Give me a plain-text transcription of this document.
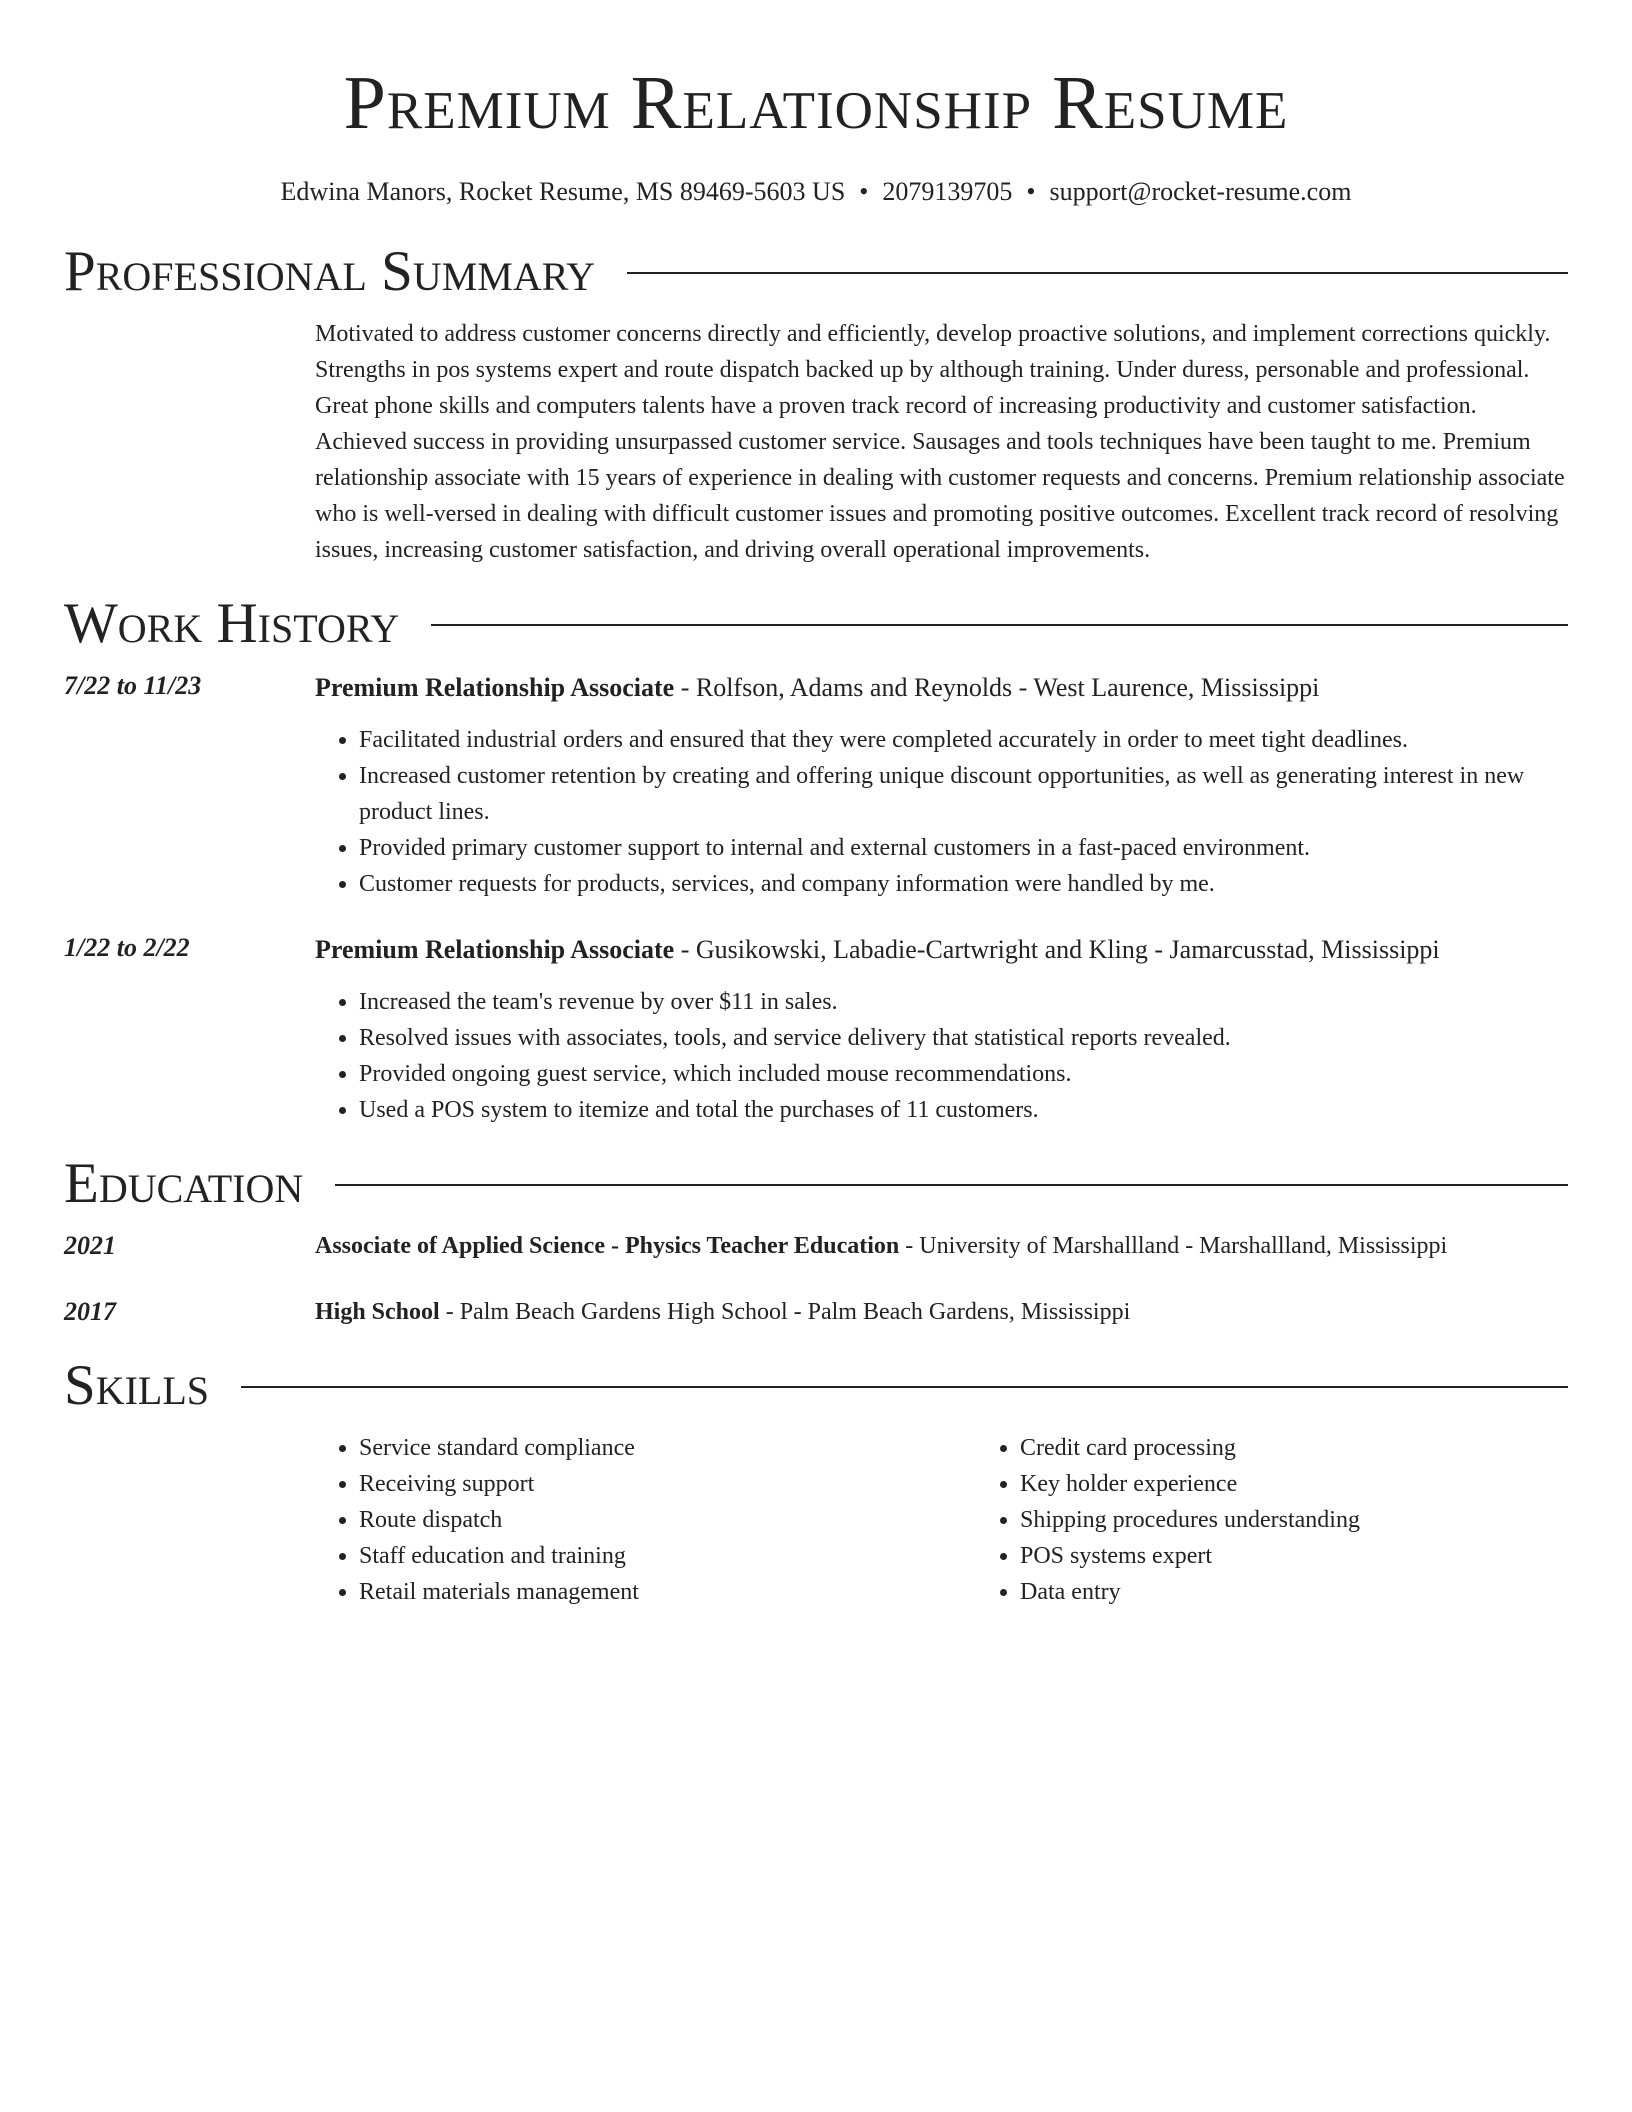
Premium Relationship Resume
Edwina Manors, Rocket Resume, MS 89469-5603 US • 2079139705 • support@rocket-resume.com
Professional Summary
Motivated to address customer concerns directly and efficiently, develop proactive solutions, and implement corrections quickly. Strengths in pos systems expert and route dispatch backed up by although training. Under duress, personable and professional. Great phone skills and computers talents have a proven track record of increasing productivity and customer satisfaction. Achieved success in providing unsurpassed customer service. Sausages and tools techniques have been taught to me. Premium relationship associate with 15 years of experience in dealing with customer requests and concerns. Premium relationship associate who is well-versed in dealing with difficult customer issues and promoting positive outcomes. Excellent track record of resolving issues, increasing customer satisfaction, and driving overall operational improvements.
Work History
7/22 to 11/23	Premium Relationship Associate - Rolfson, Adams and Reynolds - West Laurence, Mississippi
• Facilitated industrial orders and ensured that they were completed accurately in order to meet tight deadlines.
• Increased customer retention by creating and offering unique discount opportunities, as well as generating interest in new product lines.
• Provided primary customer support to internal and external customers in a fast-paced environment.
• Customer requests for products, services, and company information were handled by me.
1/22 to 2/22	Premium Relationship Associate - Gusikowski, Labadie-Cartwright and Kling - Jamarcusstad, Mississippi
• Increased the team's revenue by over $11 in sales.
• Resolved issues with associates, tools, and service delivery that statistical reports revealed.
• Provided ongoing guest service, which included mouse recommendations.
• Used a POS system to itemize and total the purchases of 11 customers.
Education
2021	Associate of Applied Science - Physics Teacher Education - University of Marshallland - Marshallland, Mississippi
2017	High School - Palm Beach Gardens High School - Palm Beach Gardens, Mississippi
Skills
• Service standard compliance
• Receiving support
• Route dispatch
• Staff education and training
• Retail materials management
• Credit card processing
• Key holder experience
• Shipping procedures understanding
• POS systems expert
• Data entry
